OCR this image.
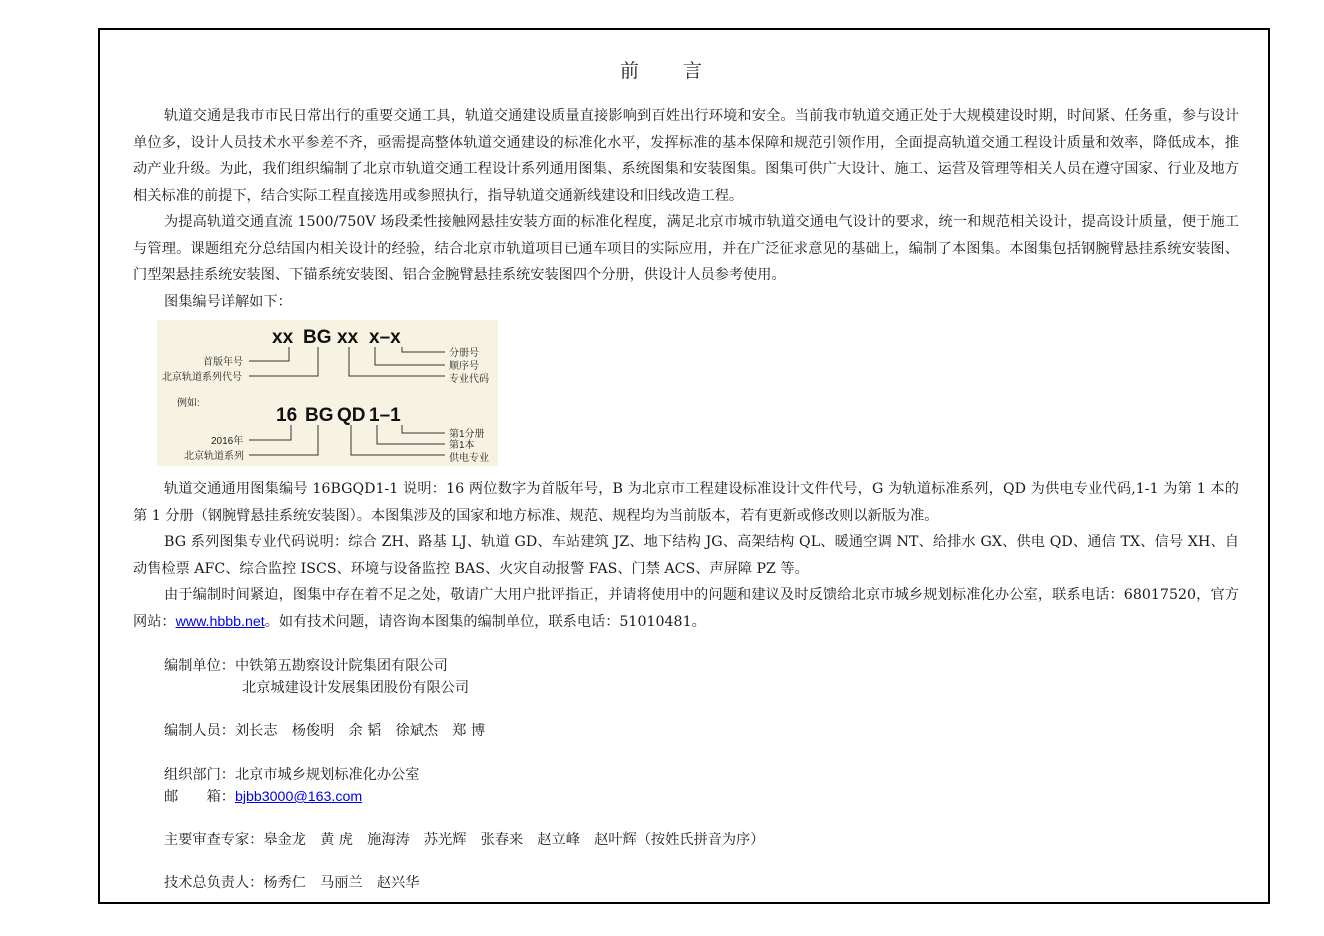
前 言

轨道交通是我市市民日常出行的重要交通工具，轨道交通建设质量直接影响到百姓出行环境和安全。当前我市轨道交通正处于大规模建设时期，时间紧、任务重，参与设计单位多，设计人员技术水平参差不齐，亟需提高整体轨道交通建设的标准化水平，发挥标准的基本保障和规范引领作用，全面提高轨道交通工程设计质量和效率，降低成本，推动产业升级。为此，我们组织编制了北京市轨道交通工程设计系列通用图集、系统图集和安装图集。图集可供广大设计、施工、运营及管理等相关人员在遵守国家、行业及地方相关标准的前提下，结合实际工程直接选用或参照执行，指导轨道交通新线建设和旧线改造工程。

为提高轨道交通直流 1500/750V 场段柔性接触网悬挂安装方面的标准化程度，满足北京市城市轨道交通电气设计的要求，统一和规范相关设计，提高设计质量，便于施工与管理。课题组充分总结国内相关设计的经验，结合北京市轨道项目已通车项目的实际应用，并在广泛征求意见的基础上，编制了本图集。本图集包括钢腕臂悬挂系统安装图、门型架悬挂系统安装图、下锚系统安装图、铝合金腕臂悬挂系统安装图四个分册，供设计人员参考使用。

图集编号详解如下：

xx BG xx x–x
首版年号
北京轨道系列代号
分册号
顺序号
专业代码
例如:
16 BG QD 1–1
2016年
北京轨道系列
第1分册
第1本
供电专业

轨道交通通用图集编号 16BGQD1-1 说明：16 两位数字为首版年号，B 为北京市工程建设标准设计文件代号，G 为轨道标准系列，QD 为供电专业代码,1-1 为第 1 本的第 1 分册（钢腕臂悬挂系统安装图）。本图集涉及的国家和地方标准、规范、规程均为当前版本，若有更新或修改则以新版为准。

BG 系列图集专业代码说明：综合 ZH、路基 LJ、轨道 GD、车站建筑 JZ、地下结构 JG、高架结构 QL、暖通空调 NT、给排水 GX、供电 QD、通信 TX、信号 XH、自动售检票 AFC、综合监控 ISCS、环境与设备监控 BAS、火灾自动报警 FAS、门禁 ACS、声屏障 PZ 等。

由于编制时间紧迫，图集中存在着不足之处，敬请广大用户批评指正，并请将使用中的问题和建议及时反馈给北京市城乡规划标准化办公室，联系电话：68017520，官方网站：www.hbbb.net。如有技术问题，请咨询本图集的编制单位，联系电话：51010481。

编制单位：中铁第五勘察设计院集团有限公司

北京城建设计发展集团股份有限公司

编制人员：刘长志　杨俊明　余 韬　徐斌杰　郑 博

组织部门：北京市城乡规划标准化办公室

邮　　箱：bjbb3000@163.com

主要审查专家：皋金龙　黄 虎　施海涛　苏光辉　张春来　赵立峰　赵叶辉（按姓氏拼音为序）

技术总负责人：杨秀仁　马丽兰　赵兴华
